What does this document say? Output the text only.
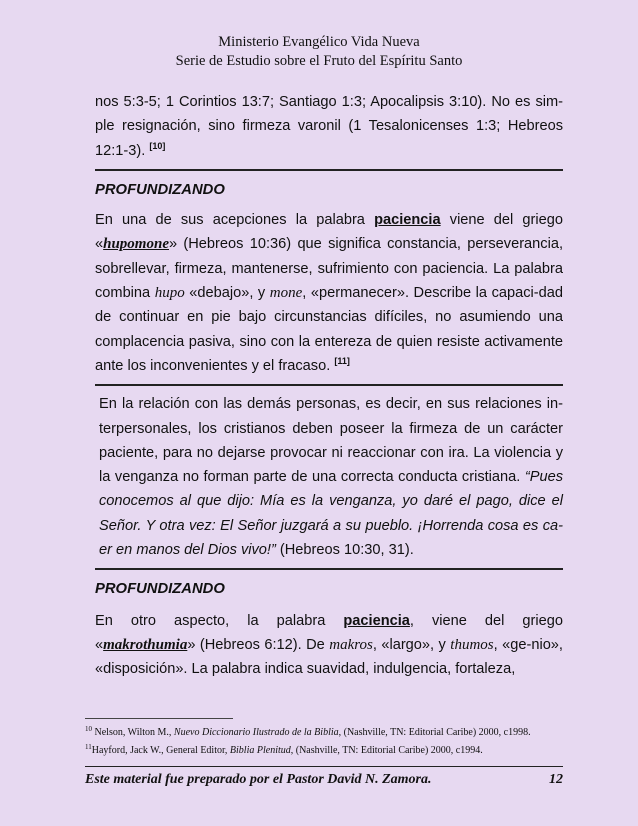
Ministerio Evangélico Vida Nueva
Serie de Estudio sobre el Fruto del Espíritu Santo

nos 5:3-5; 1 Corintios 13:7; Santiago 1:3; Apocalipsis 3:10). No es sim-ple resignación, sino firmeza varonil (1 Tesalonicenses 1:3; Hebreos 12:1-3). [10]

PROFUNDIZANDO

En una de sus acepciones la palabra paciencia viene del griego «hupomone» (Hebreos 10:36) que significa constancia, perseverancia, sobrellevar, firmeza, mantenerse, sufrimiento con paciencia. La palabra combina hupo «debajo», y mone, «permanecer». Describe la capaci-dad de continuar en pie bajo circunstancias difíciles, no asumiendo una complacencia pasiva, sino con la entereza de quien resiste activamente ante los inconvenientes y el fracaso. [11]

En la relación con las demás personas, es decir, en sus relaciones in-terpersonales, los cristianos deben poseer la firmeza de un carácter paciente, para no dejarse provocar ni reaccionar con ira. La violencia y la venganza no forman parte de una correcta conducta cristiana. “Pues conocemos al que dijo: Mía es la venganza, yo daré el pago, dice el Señor. Y otra vez: El Señor juzgará a su pueblo. ¡Horrenda cosa es ca-er en manos del Dios vivo!” (Hebreos 10:30, 31).

PROFUNDIZANDO

En otro aspecto, la palabra paciencia, viene del griego
«makrothumia» (Hebreos 6:12). De makros, «largo», y thumos, «ge-nio», «disposición». La palabra indica suavidad, indulgencia, fortaleza,

$^{10}$ Nelson, Wilton M., Nuevo Diccionario Ilustrado de la Biblia, (Nashville, TN: Editorial Caribe) 2000, c1998.
$^{11}$Hayford, Jack W., General Editor, Biblia Plenitud, (Nashville, TN: Editorial Caribe) 2000, c1994.
Este material fue preparado por el Pastor David N. Zamora.	12
